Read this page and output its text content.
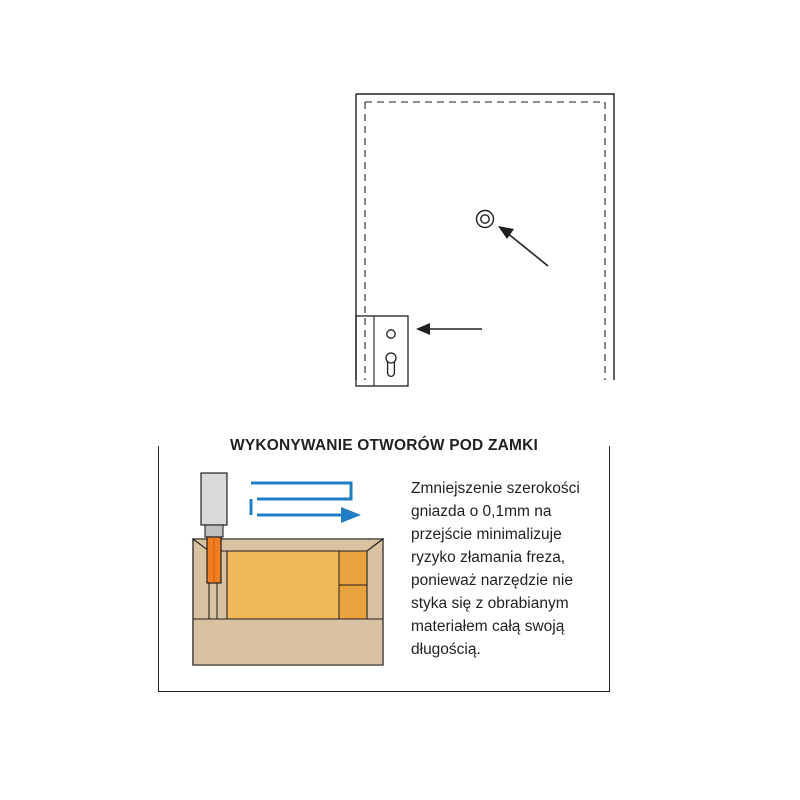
WYKONYWANIE OTWORÓW POD ZAMKI
Zmniejszenie szerokości gniazda o 0,1mm na przejście minimalizuje ryzyko złamania freza, ponieważ narzędzie nie styka się z obrabianym materiałem całą swoją długością.
